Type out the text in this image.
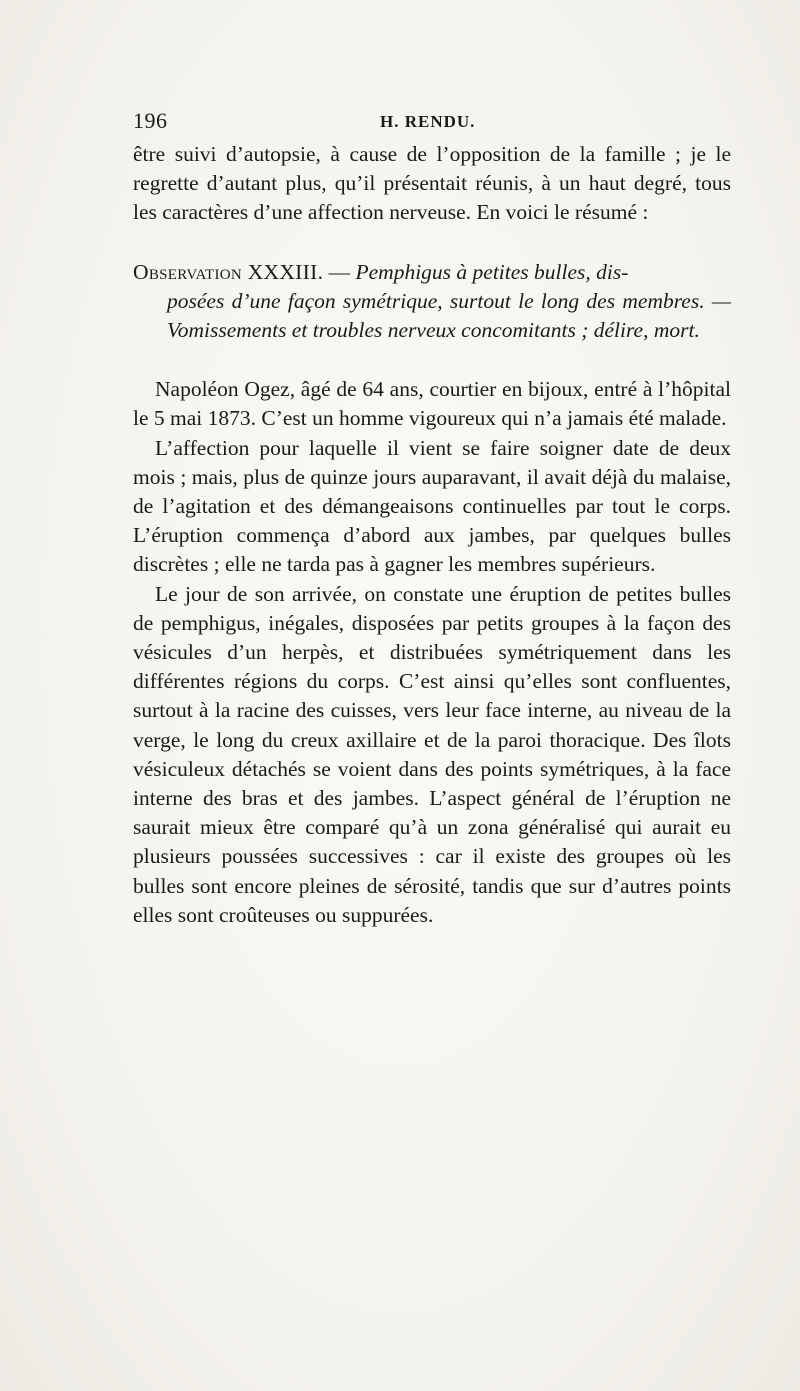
196	H. RENDU.

être suivi d’autopsie, à cause de l’opposition de la famille ; je le regrette d’autant plus, qu’il présentait réunis, à un haut degré, tous les caractères d’une affection nerveuse. En voici le résumé :

Observation XXXIII. — Pemphigus à petites bulles, dis-
posées d’une façon symétrique, surtout le long des membres. — Vomissements et troubles nerveux concomitants ; délire, mort.

Napoléon Ogez, âgé de 64 ans, courtier en bijoux, entré à l’hôpital le 5 mai 1873. C’est un homme vigoureux qui n’a jamais été malade.

L’affection pour laquelle il vient se faire soigner date de deux mois ; mais, plus de quinze jours auparavant, il avait déjà du malaise, de l’agitation et des démangeaisons continuelles par tout le corps. L’éruption commença d’abord aux jambes, par quelques bulles discrètes ; elle ne tarda pas à gagner les membres supérieurs.

Le jour de son arrivée, on constate une éruption de petites bulles de pemphigus, inégales, disposées par petits groupes à la façon des vésicules d’un herpès, et distribuées symétriquement dans les différentes régions du corps. C’est ainsi qu’elles sont confluentes, surtout à la racine des cuisses, vers leur face interne, au niveau de la verge, le long du creux axillaire et de la paroi thoracique. Des îlots vésiculeux détachés se voient dans des points symétriques, à la face interne des bras et des jambes. L’aspect général de l’éruption ne saurait mieux être comparé qu’à un zona généralisé qui aurait eu plusieurs poussées successives : car il existe des groupes où les bulles sont encore pleines de sérosité, tandis que sur d’autres points elles sont croûteuses ou suppurées.
